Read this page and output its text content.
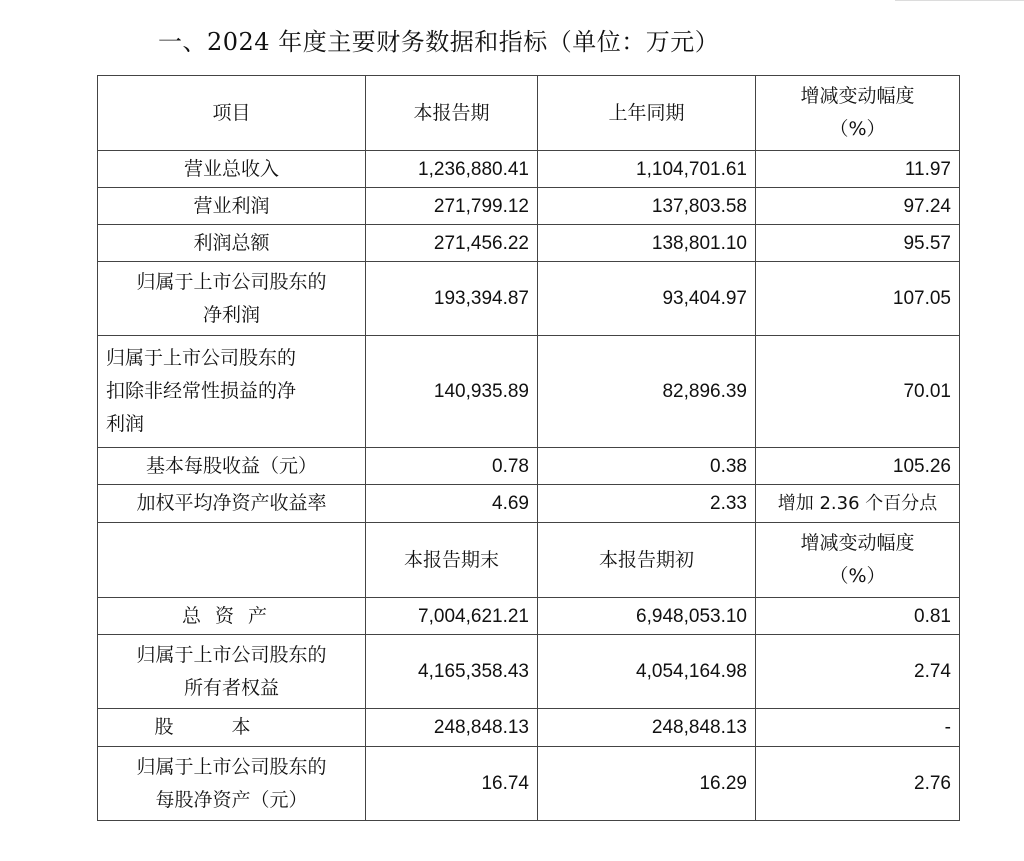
一、2024 年度主要财务数据和指标（单位：万元）
项目	本报告期	上年同期	增减变动幅度
（%）

营业总收入	1,236,880.41	1,104,701.61	11.97
营业利润	271,799.12	137,803.58	97.24
利润总额	271,456.22	138,801.10	95.57

归属于上市公司股东的
净利润	193,394.87	93,404.97	107.05

归属于上市公司股东的
扣除非经常性损益的净
利润	140,935.89	82,896.39	70.01
基本每股收益（元）	0.78	0.38	105.26
加权平均净资产收益率	4.69	2.33	增加 2.36 个百分点
	本报告期末	本报告期初	增减变动幅度
（%）

总资产	7,004,621.21	6,948,053.10	0.81

归属于上市公司股东的
所有者权益	4,165,358.43	4,054,164.98	2.74
股本	248,848.13	248,848.13	-

归属于上市公司股东的
每股净资产（元）	16.74	16.29	2.76
